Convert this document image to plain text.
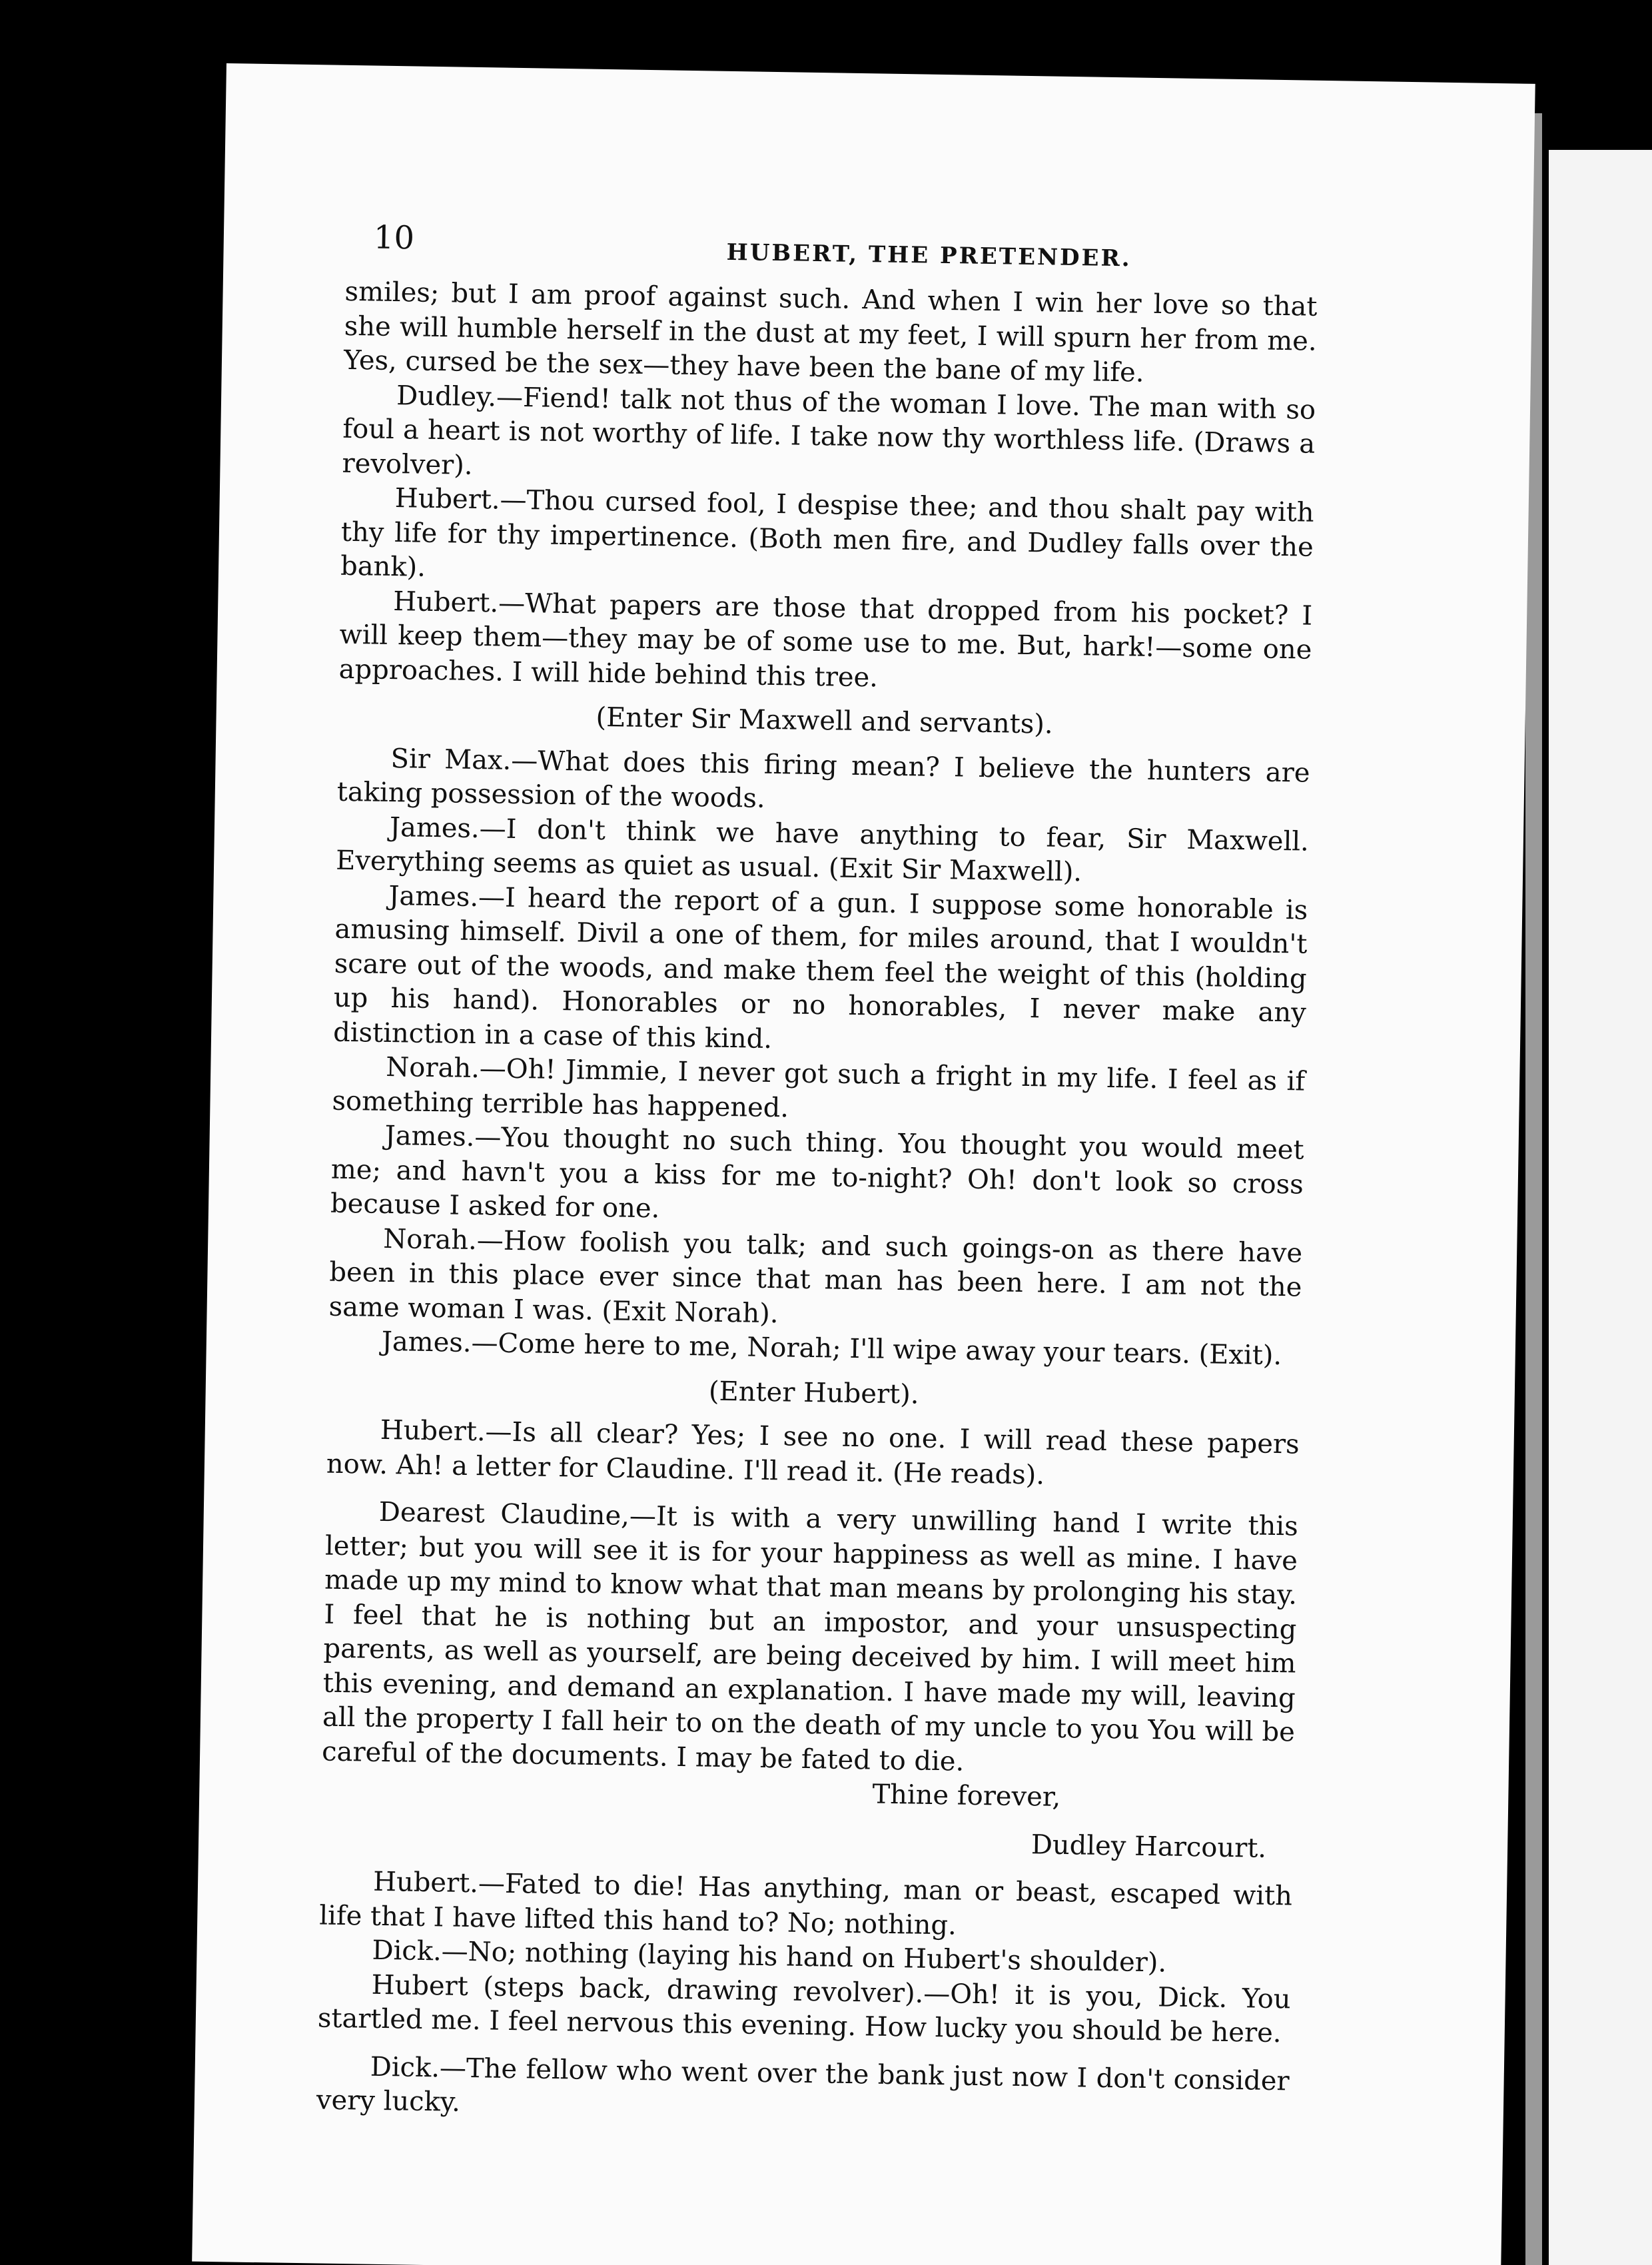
10	HUBERT, THE PRETENDER.

smiles; but I am proof against such. And when I win her love so that she will humble herself in the dust at my feet, I will spurn her from me. Yes, cursed be the sex—they have been the bane of my life.

Dudley.—Fiend! talk not thus of the woman I love. The man with so foul a heart is not worthy of life. I take now thy worthless life. (Draws a revolver).

Hubert.—Thou cursed fool, I despise thee; and thou shalt pay with thy life for thy impertinence. (Both men fire, and Dudley falls over the bank).

Hubert.—What papers are those that dropped from his pocket? I will keep them—they may be of some use to me. But, hark!—some one approaches. I will hide behind this tree.

(Enter Sir Maxwell and servants).

Sir Max.—What does this firing mean? I believe the hunters are taking possession of the woods.

James.—I don't think we have anything to fear, Sir Maxwell. Everything seems as quiet as usual. (Exit Sir Maxwell).

James.—I heard the report of a gun. I suppose some honorable is amusing himself. Divil a one of them, for miles around, that I wouldn't scare out of the woods, and make them feel the weight of this (holding up his hand). Honorables or no honorables, I never make any distinction in a case of this kind.

Norah.—Oh! Jimmie, I never got such a fright in my life. I feel as if something terrible has happened.

James.—You thought no such thing. You thought you would meet me; and havn't you a kiss for me to-night? Oh! don't look so cross because I asked for one.

Norah.—How foolish you talk; and such goings-on as there have been in this place ever since that man has been here. I am not the same woman I was. (Exit Norah).

James.—Come here to me, Norah; I'll wipe away your tears. (Exit).

(Enter Hubert).

Hubert.—Is all clear? Yes; I see no one. I will read these papers now. Ah! a letter for Claudine. I'll read it. (He reads).

Dearest Claudine,—It is with a very unwilling hand I write this letter; but you will see it is for your happiness as well as mine. I have made up my mind to know what that man means by prolonging his stay. I feel that he is nothing but an impostor, and your unsuspecting parents, as well as yourself, are being deceived by him. I will meet him this evening, and demand an explanation. I have made my will, leaving all the property I fall heir to on the death of my uncle to you You will be careful of the documents. I may be fated to die.

Thine forever,

Dudley Harcourt.

Hubert.—Fated to die! Has anything, man or beast, escaped with life that I have lifted this hand to? No; nothing.

Dick.—No; nothing (laying his hand on Hubert's shoulder).

Hubert (steps back, drawing revolver).—Oh! it is you, Dick. You startled me. I feel nervous this evening. How lucky you should be here.

Dick.—The fellow who went over the bank just now I don't consider very lucky.
